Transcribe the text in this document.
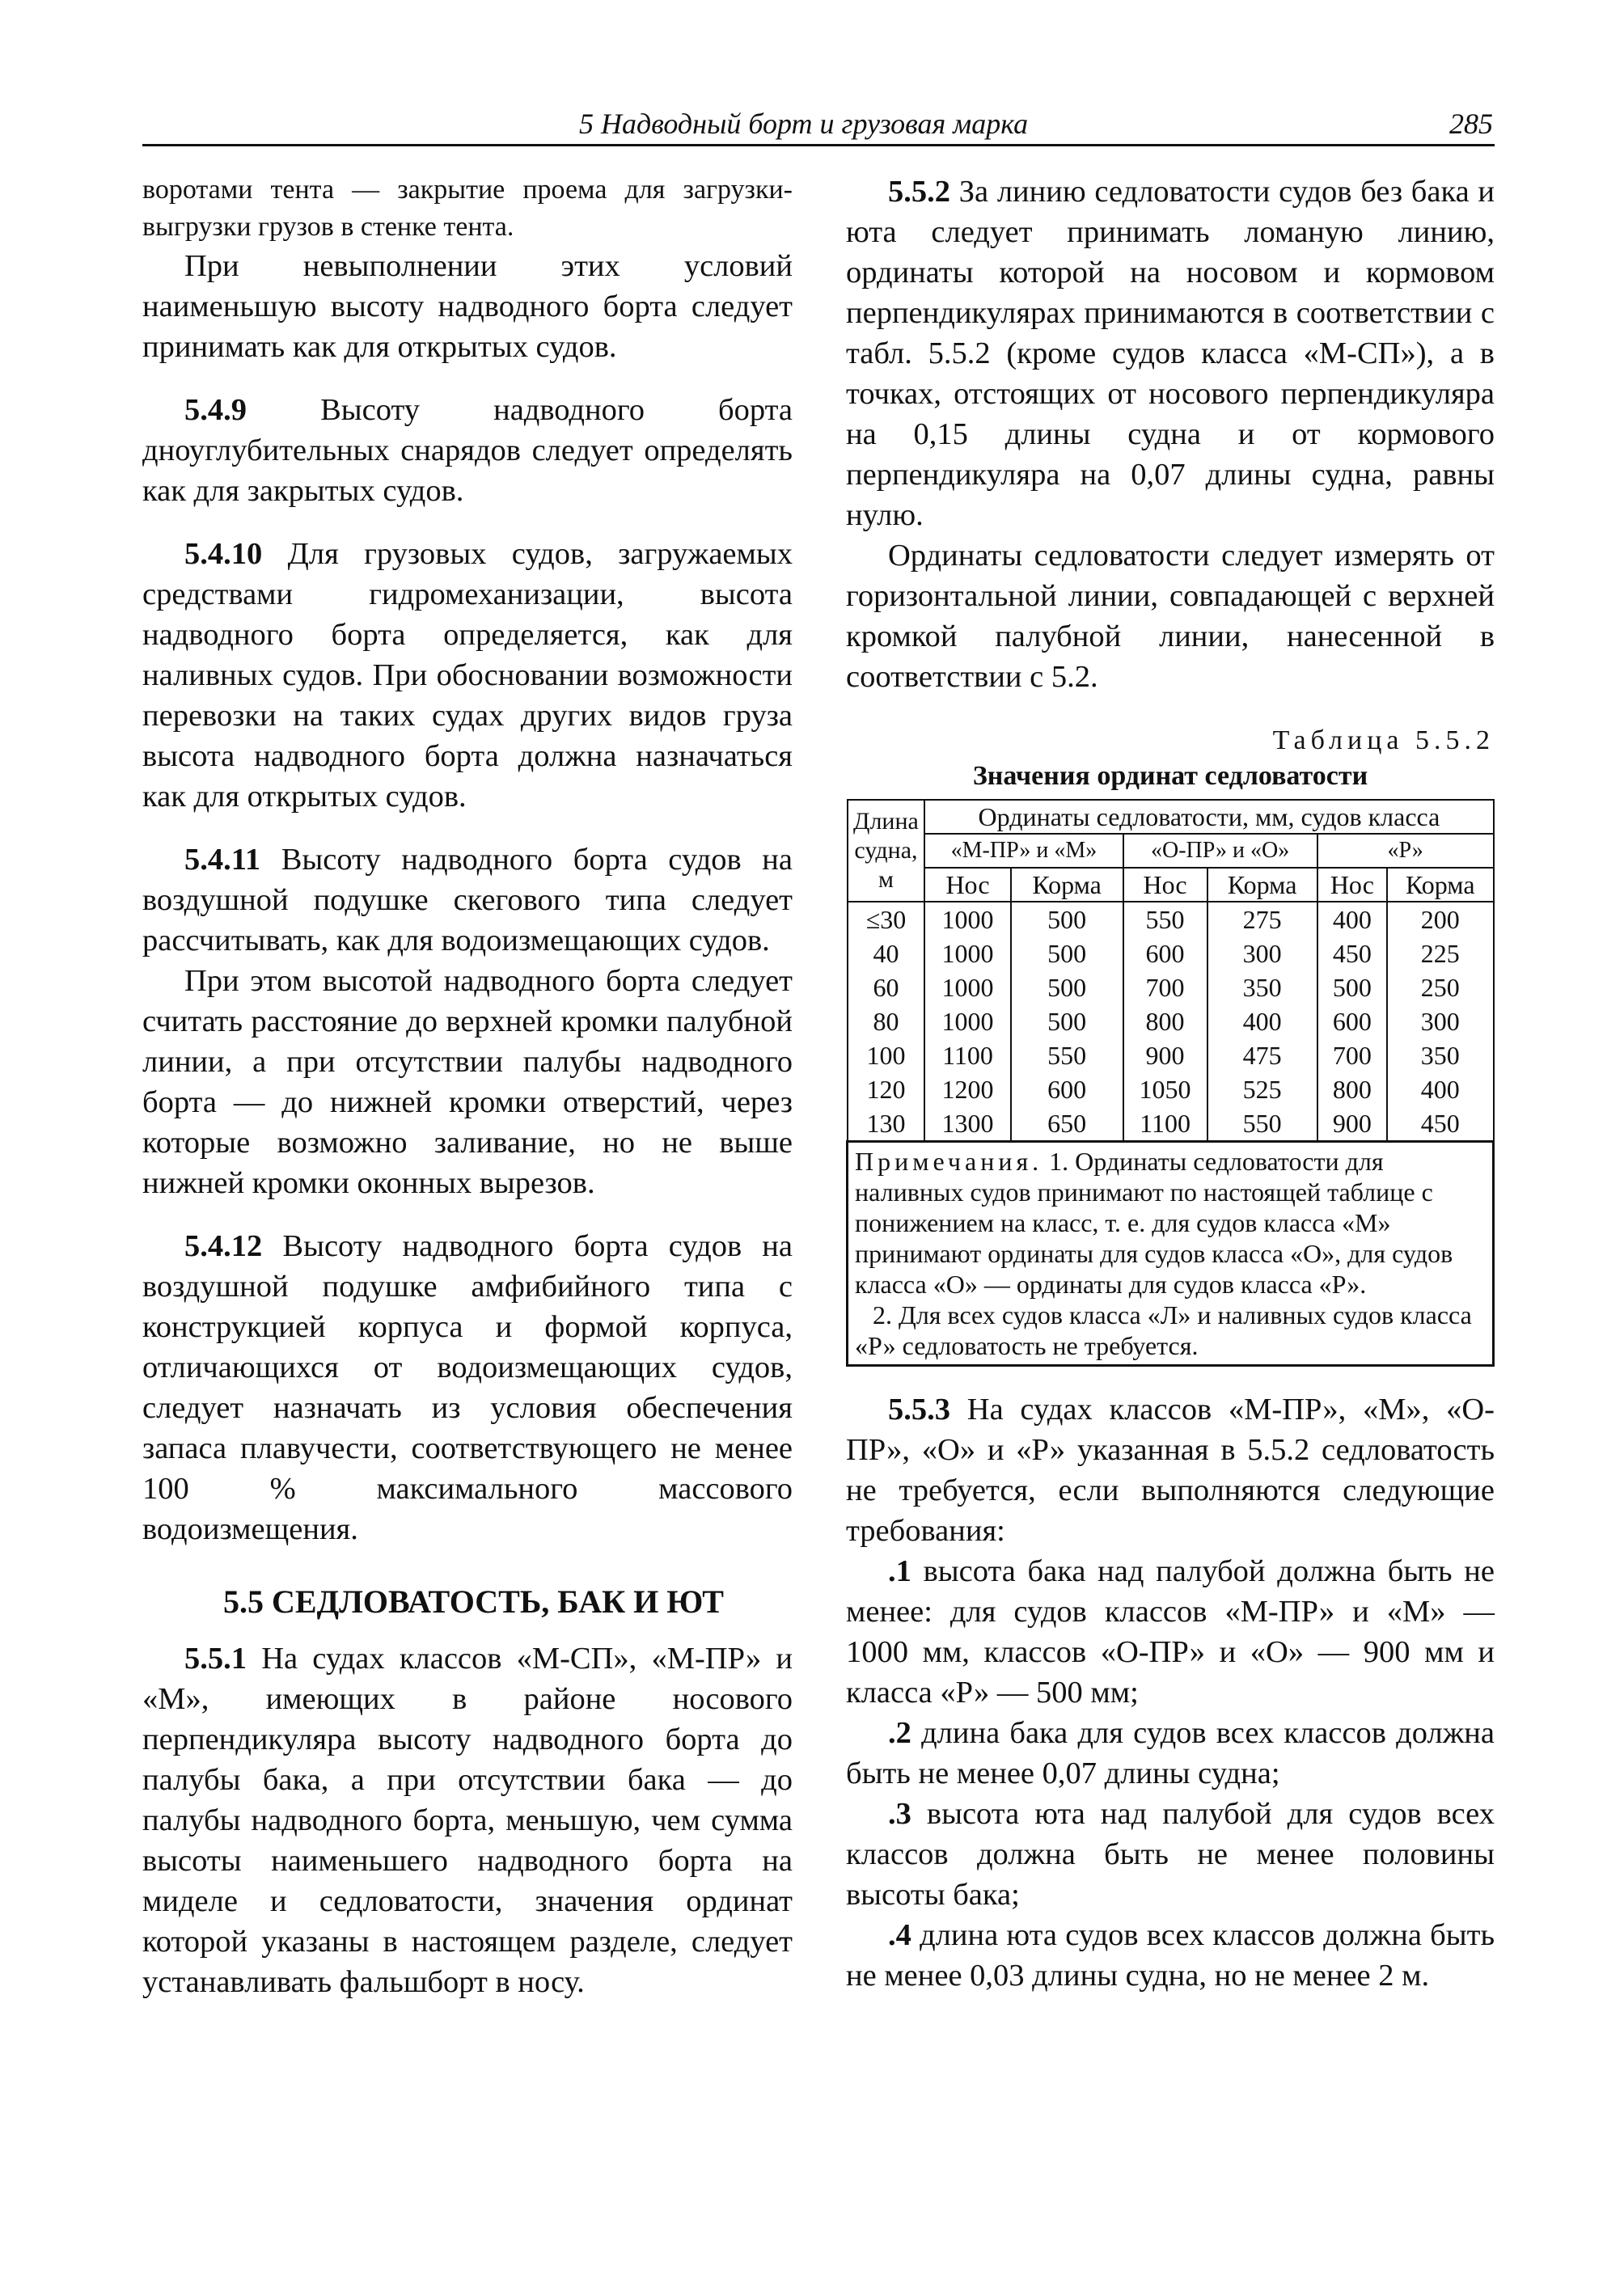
5 Надводный борт и грузовая марка	285

воротами тента — закрытие проема для загрузки-выгрузки грузов в стенке тента.

При невыполнении этих условий наименьшую высоту надводного борта следует принимать как для открытых судов.

5.4.9 Высоту надводного борта дноуглубительных снарядов следует определять как для закрытых судов.

5.4.10 Для грузовых судов, загружаемых средствами гидромеханизации, высота надводного борта определяется, как для наливных судов. При обосновании возможности перевозки на таких судах других видов груза высота надводного борта должна назначаться как для открытых судов.

5.4.11 Высоту надводного борта судов на воздушной подушке скегового типа следует рассчитывать, как для водоизмещающих судов.

При этом высотой надводного борта следует считать расстояние до верхней кромки палубной линии, а при отсутствии палубы надводного борта — до нижней кромки отверстий, через которые возможно заливание, но не выше нижней кромки оконных вырезов.

5.4.12 Высоту надводного борта судов на воздушной подушке амфибийного типа с конструкцией корпуса и формой корпуса, отличающихся от водоизмещающих судов, следует назначать из условия обеспечения запаса плавучести, соответствующего не менее 100 % максимального массового водоизмещения.

5.5 СЕДЛОВАТОСТЬ, БАК И ЮТ

5.5.1 На судах классов «М-СП», «М-ПР» и «М», имеющих в районе носового перпендикуляра высоту надводного борта до палубы бака, а при отсутствии бака — до палубы надводного борта, меньшую, чем сумма высоты наименьшего надводного борта на миделе и седловатости, значения ординат которой указаны в настоящем разделе, следует устанавливать фальшборт в носу.

5.5.2 За линию седловатости судов без бака и юта следует принимать ломаную линию, ординаты которой на носовом и кормовом перпендикулярах принимаются в соответствии с табл. 5.5.2 (кроме судов класса «М-СП»), а в точках, отстоящих от носового перпендикуляра на 0,15 длины судна и от кормового перпендикуляра на 0,07 длины судна, равны нулю.

Ординаты седловатости следует измерять от горизонтальной линии, совпадающей с верхней кромкой палубной линии, нанесенной в соответствии с 5.2.

Таблица 5.5.2
Значения ординат седловатости
Длина судна, м	Ординаты седловатости, мм, судов класса					
	«М-ПР» и «М»		«О-ПР» и «О»		«Р»	
	Нос	Корма	Нос	Корма	Нос	Корма
≤30	1000	500	550	275	400	200
40	1000	500	600	300	450	225
60	1000	500	700	350	500	250
80	1000	500	800	400	600	300
100	1100	550	900	475	700	350
120	1200	600	1050	525	800	400
130	1300	650	1100	550	900	450

Примечания. 1. Ординаты седловатости для наливных судов принимают по настоящей таблице с понижением на класс, т. е. для судов класса «М» принимают ординаты для судов класса «О», для судов класса «О» — ординаты для судов класса «Р».
2. Для всех судов класса «Л» и наливных судов класса «Р» седловатость не требуется.						

5.5.3 На судах классов «М-ПР», «М», «О-ПР», «О» и «Р» указанная в 5.5.2 седловатость не требуется, если выполняются следующие требования:

.1 высота бака над палубой должна быть не менее: для судов классов «М-ПР» и «М» — 1000 мм, классов «О-ПР» и «О» — 900 мм и класса «Р» — 500 мм;

.2 длина бака для судов всех классов должна быть не менее 0,07 длины судна;

.3 высота юта над палубой для судов всех классов должна быть не менее половины высоты бака;

.4 длина юта судов всех классов должна быть не менее 0,03 длины судна, но не менее 2 м.
